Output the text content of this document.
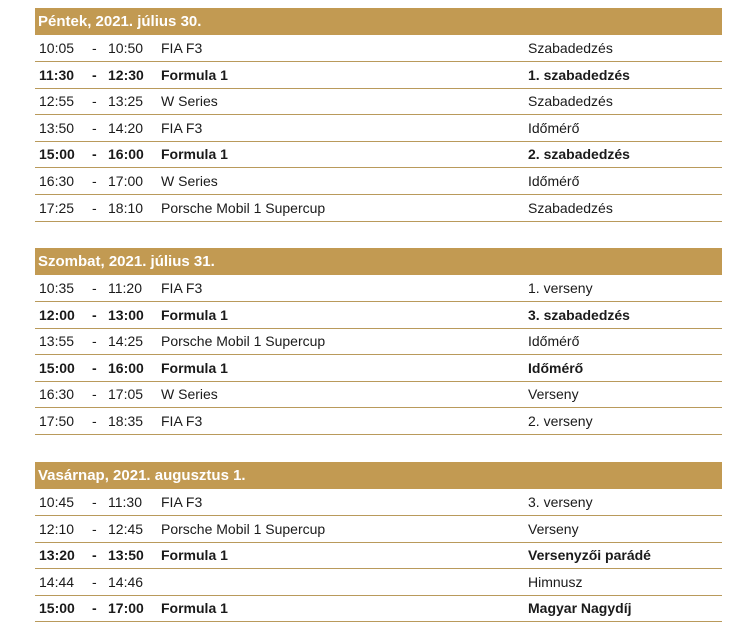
Péntek, 2021. július 30.
10:05 - 10:50 FIA F3	Szabadedzés
11:30 - 12:30 Formula 1	1. szabadedzés
12:55 - 13:25 W Series	Szabadedzés
13:50 - 14:20 FIA F3	Időmérő
15:00 - 16:00 Formula 1	2. szabadedzés
16:30 - 17:00 W Series	Időmérő
17:25 - 18:10 Porsche Mobil 1 Supercup	Szabadedzés
Szombat, 2021. július 31.
10:35 - 11:20 FIA F3	1. verseny
12:00 - 13:00 Formula 1	3. szabadedzés
13:55 - 14:25 Porsche Mobil 1 Supercup	Időmérő
15:00 - 16:00 Formula 1	Időmérő
16:30 - 17:05 W Series	Verseny
17:50 - 18:35 FIA F3	2. verseny
Vasárnap, 2021. augusztus 1.
10:45 - 11:30 FIA F3	3. verseny
12:10 - 12:45 Porsche Mobil 1 Supercup	Verseny
13:20 - 13:50 Formula 1	Versenyzői parádé
14:44 - 14:46	Himnusz
15:00 - 17:00 Formula 1	Magyar Nagydíj
